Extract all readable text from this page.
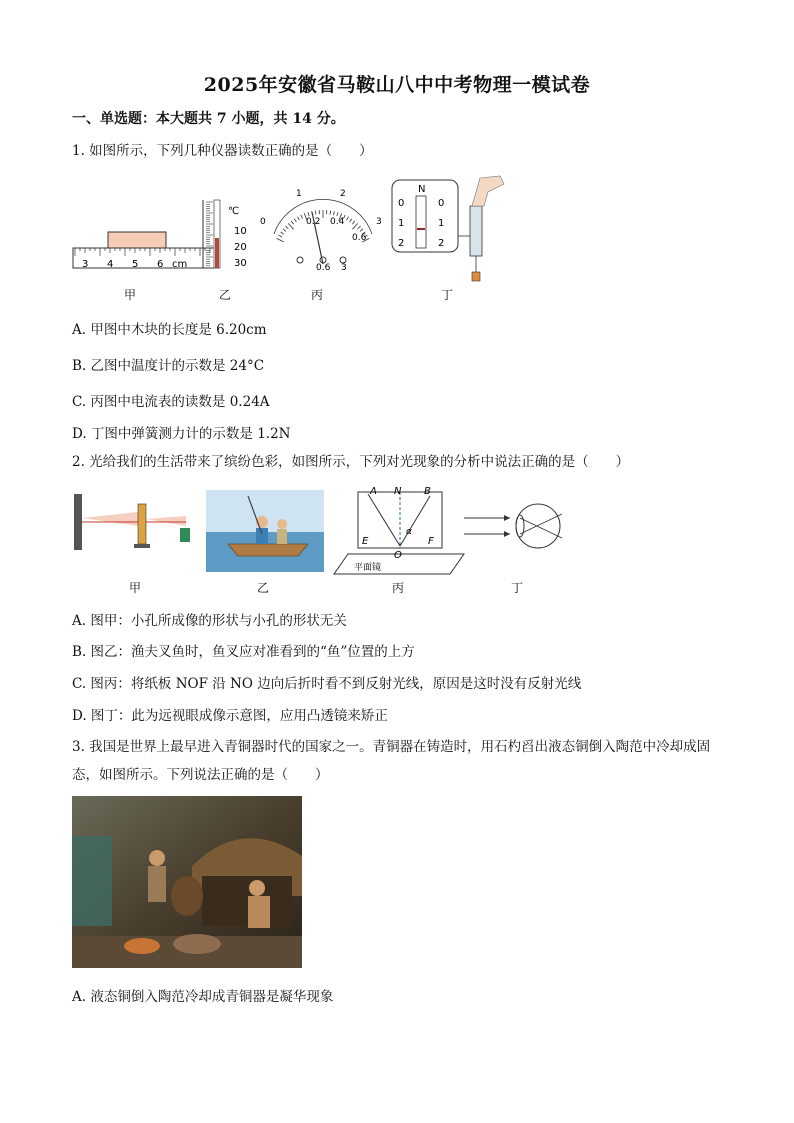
2025年安徽省马鞍山八中中考物理一模试卷
一、单选题：本大题共 7 小题，共 14 分。
1. 如图所示，下列几种仪器读数正确的是（　　）
3 4 5 6 cm
℃
10
20
30
1	2
0	3
0.2 0.4
0.6
0.6 3
N
0
1
2
0
1
2
甲	乙	丙	丁
A. 甲图中木块的长度是 6.20cm
B. 乙图中温度计的示数是 24°C
C. 丙图中电流表的读数是 0.24A
D. 丁图中弹簧测力计的示数是 1.2N
2. 光给我们的生活带来了缤纷色彩，如图所示，下列对光现象的分析中说法正确的是（　　）
A N B
E
O
F
α
平面镜
甲	乙	丙	丁
A. 图甲：小孔所成像的形状与小孔的形状无关
B. 图乙：渔夫叉鱼时，鱼叉应对准看到的“鱼”位置的上方
C. 图丙：将纸板 NOF 沿 NO 边向后折时看不到反射光线，原因是这时没有反射光线
D. 图丁：此为远视眼成像示意图，应用凸透镜来矫正
3. 我国是世界上最早进入青铜器时代的国家之一。青铜器在铸造时，用石杓舀出液态铜倒入陶范中冷却成固态，如图所示。下列说法正确的是（　　）
A. 液态铜倒入陶范冷却成青铜器是凝华现象
